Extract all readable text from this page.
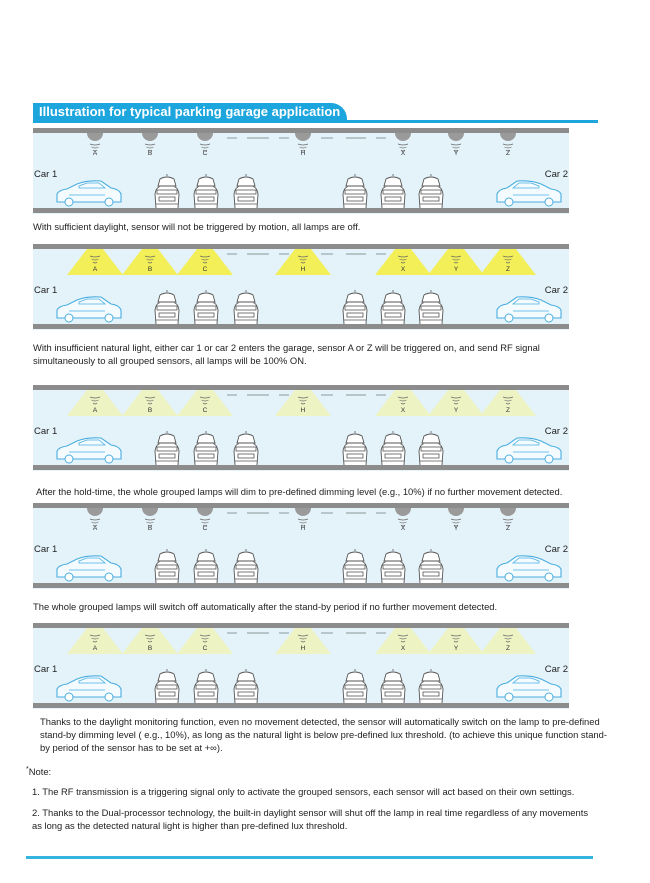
Illustration for typical parking garage application
A	B	C	H	X	Y	Z
Car 1	Car 2
With sufficient daylight, sensor will not be triggered by motion, all lamps are off.
A	B	C	H	X	Y	Z
Car 1	Car 2
With insufficient natural light, either car 1 or car 2 enters the garage, sensor A or Z will be triggered on, and send RF signal simultaneously to all grouped sensors, all lamps will be 100% ON.
A	B	C	H	X	Y	Z
Car 1	Car 2
After the hold-time, the whole grouped lamps will dim to pre-defined dimming level (e.g., 10%) if no further movement detected.
A	B	C	H	X	Y	Z
Car 1	Car 2
The whole grouped lamps will switch off automatically after the stand-by period if no further movement detected.
A	B	C	H	X	Y	Z
Car 1	Car 2
Thanks to the daylight monitoring function, even no movement detected, the sensor will automatically switch on the lamp to pre-defined stand-by dimming level ( e.g., 10%), as long as the natural light is below pre-defined lux threshold. (to achieve this unique function stand-by period of the sensor has to be set at +∞).
*Note:
1. The RF transmission is a triggering signal only to activate the grouped sensors, each sensor will act based on their own settings.
2. Thanks to the Dual-processor technology, the built-in daylight sensor will shut off the lamp in real time regardless of any movements
as long as the detected natural light is higher than pre-defined lux threshold.
